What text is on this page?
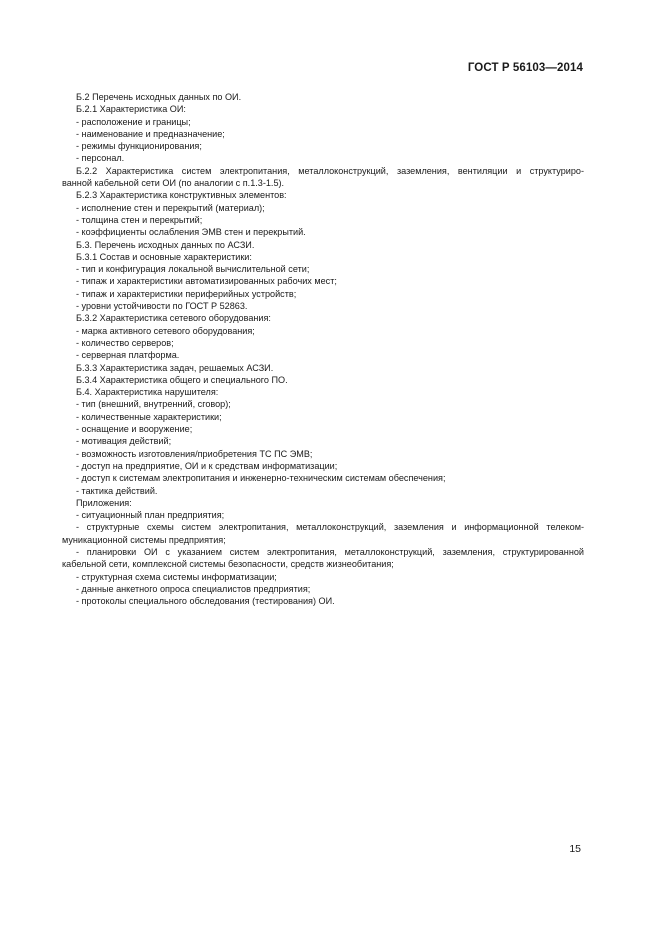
ГОСТ Р 56103—2014
Б.2 Перечень исходных данных по ОИ.
Б.2.1 Характеристика ОИ:
- расположение и границы;
- наименование и предназначение;
- режимы функционирования;
- персонал.
Б.2.2 Характеристика систем электропитания, металлоконструкций, заземления, вентиляции и структуриро-
ванной кабельной сети ОИ (по аналогии с п.1.3-1.5).
Б.2.3 Характеристика конструктивных элементов:
- исполнение стен и перекрытий (материал);
- толщина стен и перекрытий;
- коэффициенты ослабления ЭМВ стен и перекрытий.
Б.3. Перечень исходных данных по АСЗИ.
Б.3.1 Состав и основные характеристики:
- тип и конфигурация локальной вычислительной сети;
- типаж и характеристики автоматизированных рабочих мест;
- типаж и характеристики периферийных устройств;
- уровни устойчивости по ГОСТ Р 52863.
Б.3.2 Характеристика сетевого оборудования:
- марка активного сетевого оборудования;
- количество серверов;
- серверная платформа.
Б.3.3 Характеристика задач, решаемых АСЗИ.
Б.3.4 Характеристика общего и специального ПО.
Б.4. Характеристика нарушителя:
- тип (внешний, внутренний, сговор);
- количественные характеристики;
- оснащение и вооружение;
- мотивация действий;
- возможность изготовления/приобретения ТС ПС ЭМВ;
- доступ на предприятие, ОИ и к средствам информатизации;
- доступ к системам электропитания и инженерно-техническим системам обеспечения;
- тактика действий.
Приложения:
- ситуационный план предприятия;
- структурные схемы систем электропитания, металлоконструкций, заземления и информационной телеком-
муникационной системы предприятия;
- планировки ОИ с указанием систем электропитания, металлоконструкций, заземления, структурированной
кабельной сети, комплексной системы безопасности, средств жизнеобитания;
- структурная схема системы информатизации;
- данные анкетного опроса специалистов предприятия;
- протоколы специального обследования (тестирования) ОИ.
15
